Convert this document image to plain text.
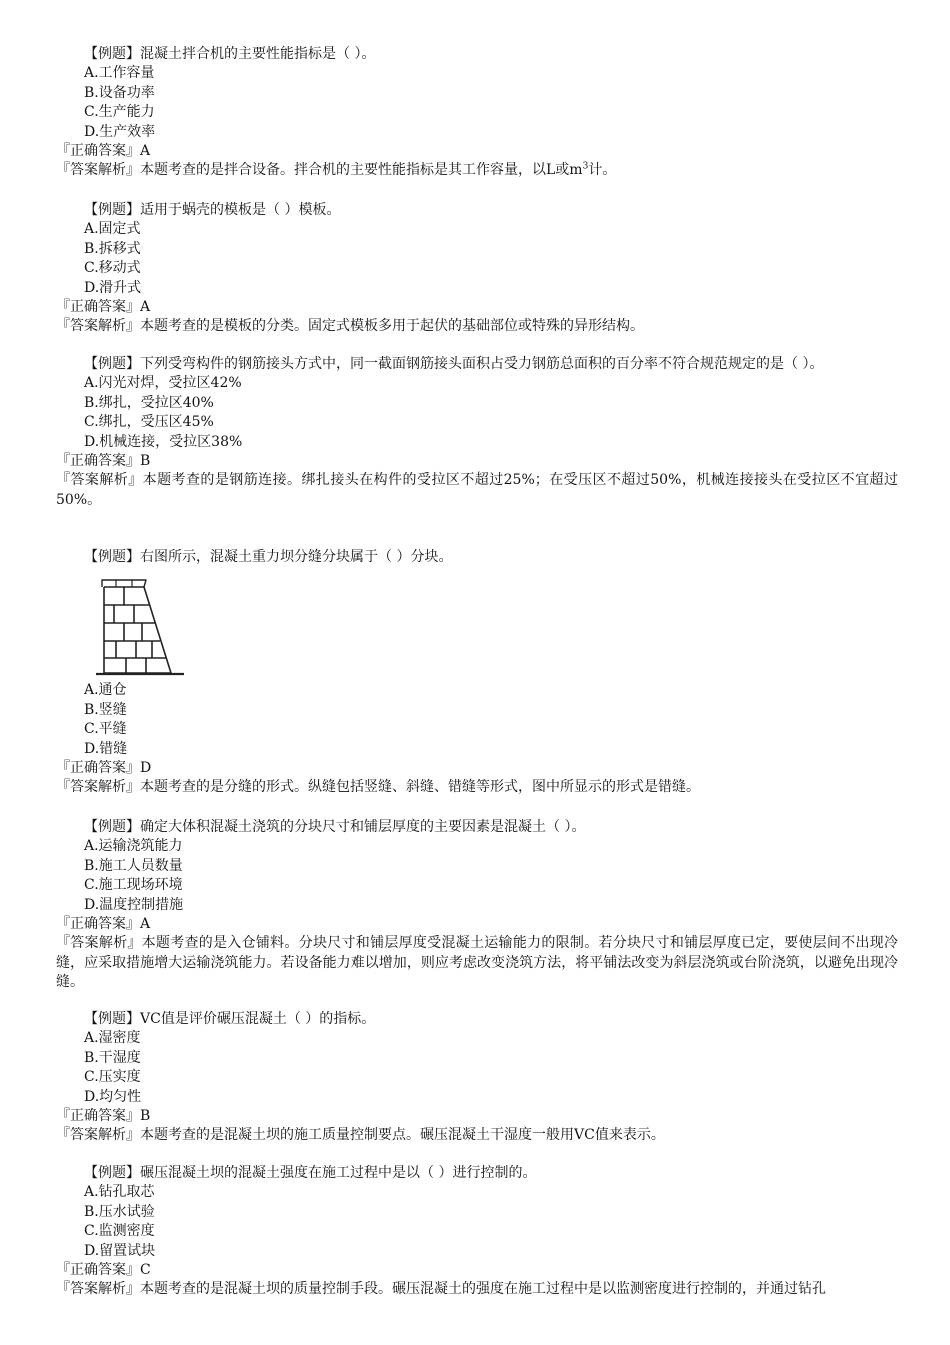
【例题】混凝土拌合机的主要性能指标是（ ）。
A.工作容量
B.设备功率
C.生产能力
D.生产效率
『正确答案』A
『答案解析』本题考查的是拌合设备。拌合机的主要性能指标是其工作容量，以L或$m^3$计。
【例题】适用于蜗壳的模板是（ ）模板。
A.固定式
B.拆移式
C.移动式
D.滑升式
『正确答案』A
『答案解析』本题考查的是模板的分类。固定式模板多用于起伏的基础部位或特殊的异形结构。
【例题】下列受弯构件的钢筋接头方式中，同一截面钢筋接头面积占受力钢筋总面积的百分率不符合规范规定的是（ ）。
A.闪光对焊，受拉区42%
B.绑扎，受拉区40%
C.绑扎，受压区45%
D.机械连接，受拉区38%
『正确答案』B
『答案解析』本题考查的是钢筋连接。绑扎接头在构件的受拉区不超过25%；在受压区不超过50%，机械连接接头在受拉区不宜超过50%。
【例题】右图所示，混凝土重力坝分缝分块属于（ ）分块。
A.通仓
B.竖缝
C.平缝
D.错缝
『正确答案』D
『答案解析』本题考查的是分缝的形式。纵缝包括竖缝、斜缝、错缝等形式，图中所显示的形式是错缝。
【例题】确定大体积混凝土浇筑的分块尺寸和铺层厚度的主要因素是混凝土（ ）。
A.运输浇筑能力
B.施工人员数量
C.施工现场环境
D.温度控制措施
『正确答案』A
『答案解析』本题考查的是入仓铺料。分块尺寸和铺层厚度受混凝土运输能力的限制。若分块尺寸和铺层厚度已定，要使层间不出现冷缝，应采取措施增大运输浇筑能力。若设备能力难以增加，则应考虑改变浇筑方法，将平铺法改变为斜层浇筑或台阶浇筑，以避免出现冷缝。
【例题】VC值是评价碾压混凝土（ ）的指标。
A.湿密度
B.干湿度
C.压实度
D.均匀性
『正确答案』B
『答案解析』本题考查的是混凝土坝的施工质量控制要点。碾压混凝土干湿度一般用VC值来表示。
【例题】碾压混凝土坝的混凝土强度在施工过程中是以（ ）进行控制的。
A.钻孔取芯
B.压水试验
C.监测密度
D.留置试块
『正确答案』C
『答案解析』本题考查的是混凝土坝的质量控制手段。碾压混凝土的强度在施工过程中是以监测密度进行控制的，并通过钻孔
